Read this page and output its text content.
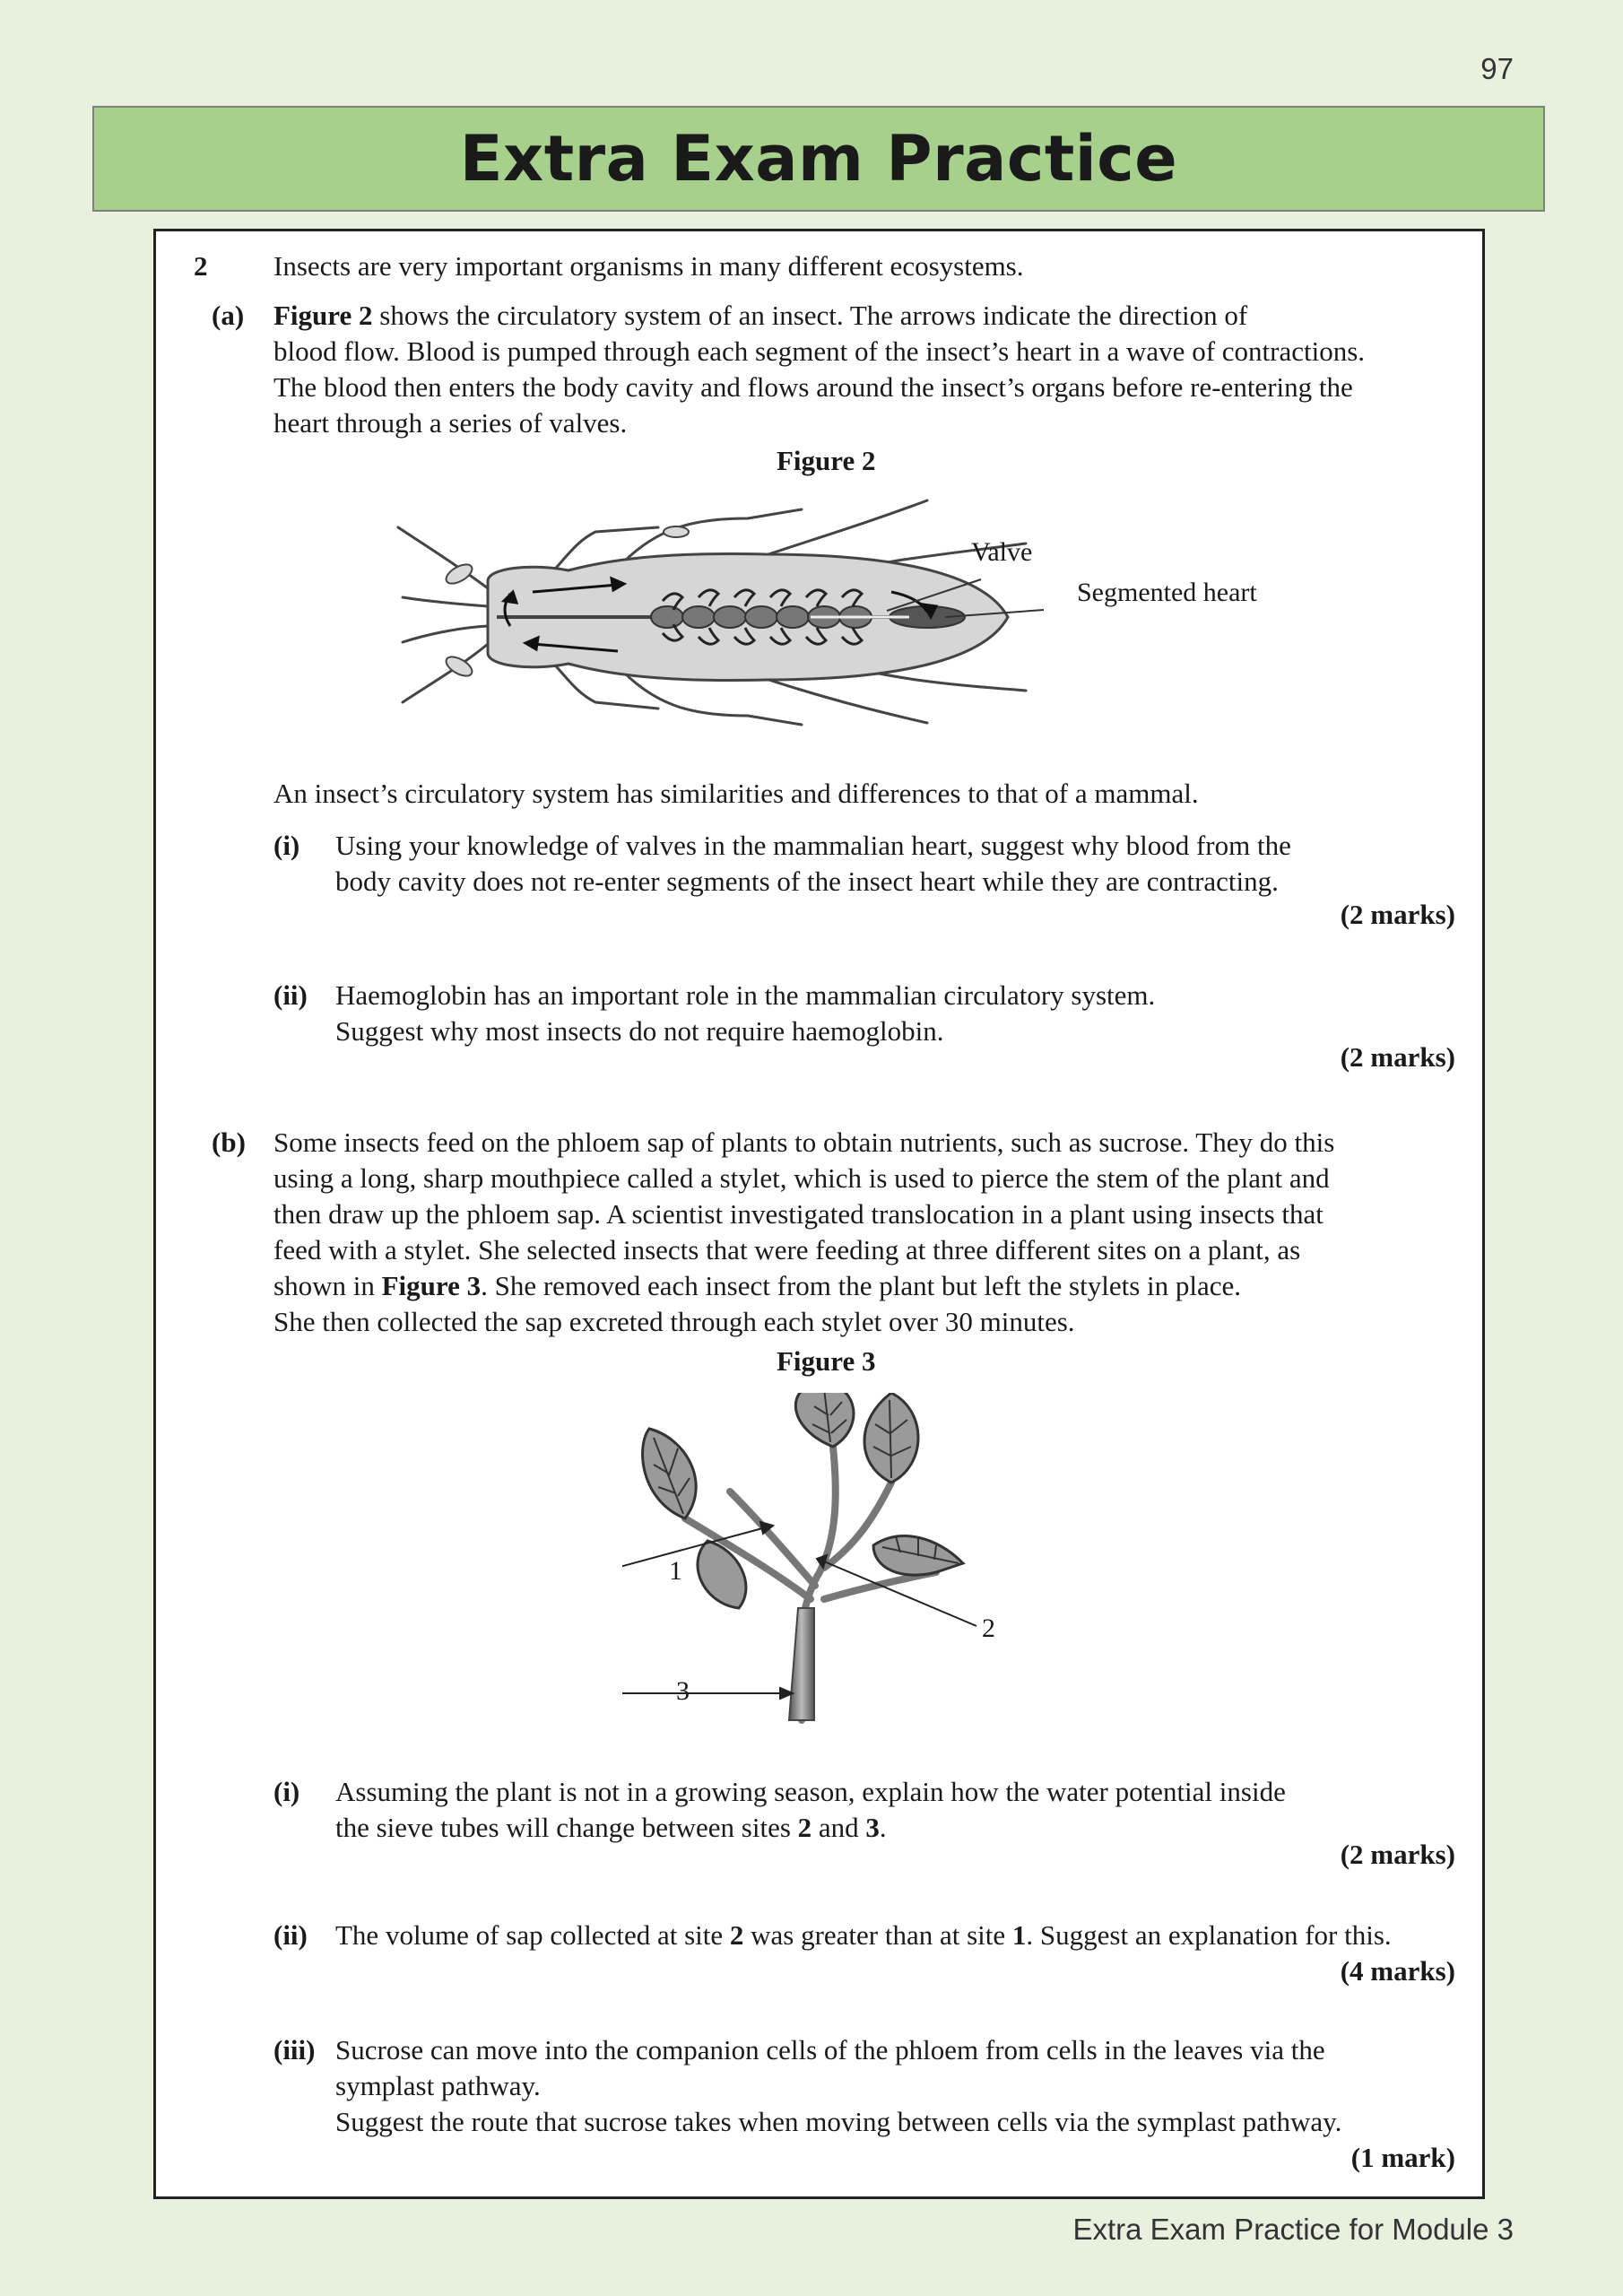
97
Extra Exam Practice
2 Insects are very important organisms in many different ecosystems.
(a) Figure 2 shows the circulatory system of an insect. The arrows indicate the direction of
blood flow. Blood is pumped through each segment of the insect’s heart in a wave of contractions.
The blood then enters the body cavity and flows around the insect’s organs before re-entering the
heart through a series of valves.
Figure 2
Valve
Segmented heart
An insect’s circulatory system has similarities and differences to that of a mammal.
(i) Using your knowledge of valves in the mammalian heart, suggest why blood from the
body cavity does not re-enter segments of the insect heart while they are contracting.
(2 marks)
(ii) Haemoglobin has an important role in the mammalian circulatory system.
Suggest why most insects do not require haemoglobin.
(2 marks)
(b) Some insects feed on the phloem sap of plants to obtain nutrients, such as sucrose. They do this
using a long, sharp mouthpiece called a stylet, which is used to pierce the stem of the plant and
then draw up the phloem sap. A scientist investigated translocation in a plant using insects that
feed with a stylet. She selected insects that were feeding at three different sites on a plant, as
shown in Figure 3. She removed each insect from the plant but left the stylets in place.
She then collected the sap excreted through each stylet over 30 minutes.
Figure 3
1
2
3
(i) Assuming the plant is not in a growing season, explain how the water potential inside
the sieve tubes will change between sites 2 and 3.
(2 marks)
(ii) The volume of sap collected at site 2 was greater than at site 1. Suggest an explanation for this.
(4 marks)
(iii) Sucrose can move into the companion cells of the phloem from cells in the leaves via the
symplast pathway.
Suggest the route that sucrose takes when moving between cells via the symplast pathway.
(1 mark)
Extra Exam Practice for Module 3
